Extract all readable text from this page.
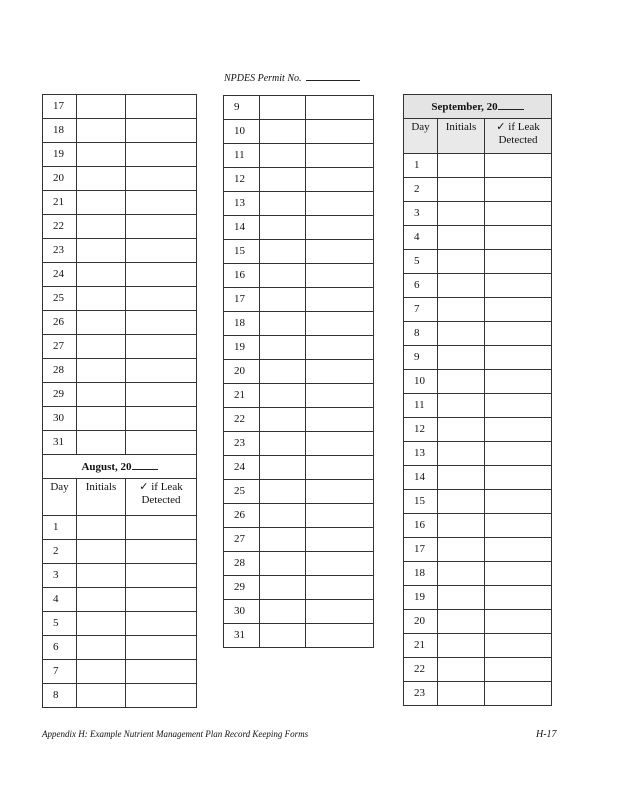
NPDES Permit No.
17		
18		
19		
20		
21		
22		
23		
24		
25		
26		
27		
28		
29		
30		
31		
August, 20		
Day	Initials	✓ if Leak Detected
1		
2		
3		
4		
5		
6		
7		
8		
9		
10		
11		
12		
13		
14		
15		
16		
17		
18		
19		
20		
21		
22		
23		
24		
25		
26		
27		
28		
29		
30		
31		
September, 20		
Day	Initials	✓ if Leak Detected
1		
2		
3		
4		
5		
6		
7		
8		
9		
10		
11		
12		
13		
14		
15		
16		
17		
18		
19		
20		
21		
22		
23		
Appendix H: Example Nutrient Management Plan Record Keeping Forms	H-17
